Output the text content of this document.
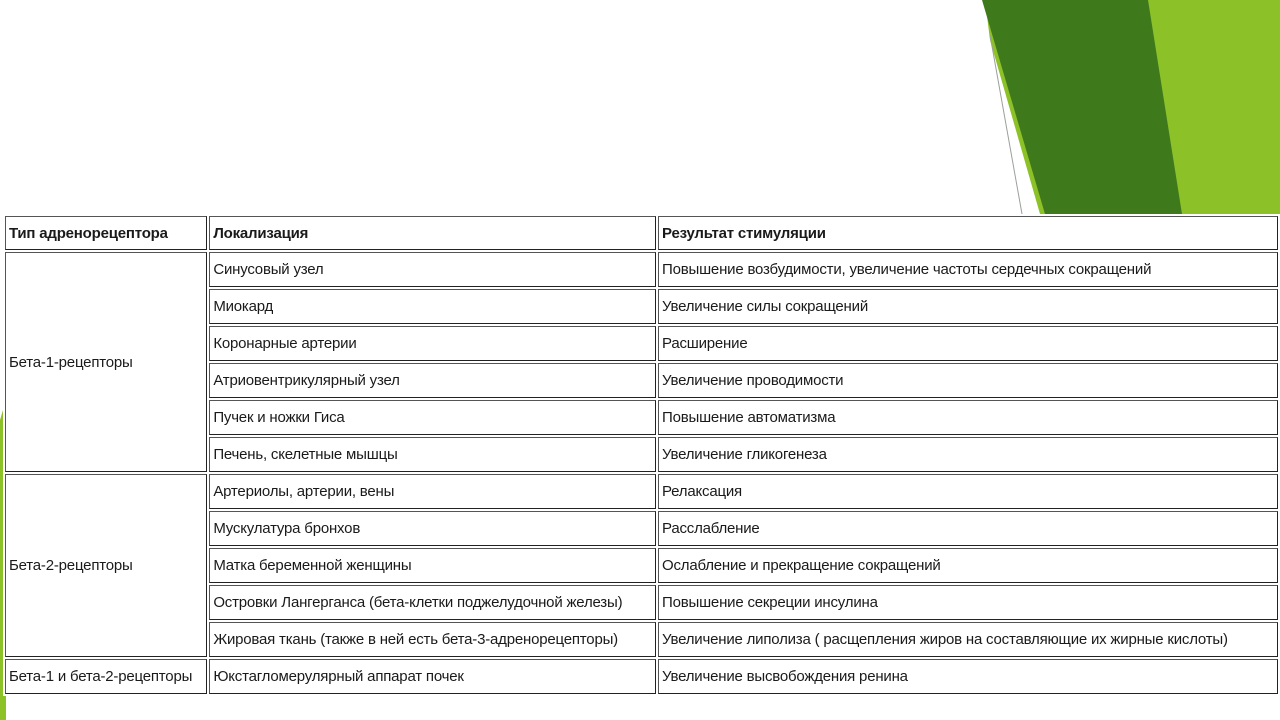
Тип адренорецептора	Локализация	Результат стимуляции
Бета-1-рецепторы	Синусовый узел	Повышение возбудимости, увеличение частоты сердечных сокращений
	Миокард	Увеличение силы сокращений
	Коронарные артерии	Расширение
	Атриовентрикулярный узел	Увеличение проводимости
	Пучек и ножки Гиса	Повышение автоматизма
	Печень, скелетные мышцы	Увеличение гликогенеза
Бета-2-рецепторы	Артериолы, артерии, вены	Релаксация
	Мускулатура бронхов	Расслабление
	Матка беременной женщины	Ослабление и прекращение сокращений
	Островки Лангерганса (бета-клетки поджелудочной железы)	Повышение секреции инсулина
	Жировая ткань (также в ней есть бета-3-адренорецепторы)	Увеличение липолиза ( расщепления жиров на составляющие их жирные кислоты)
Бета-1 и бета-2-рецепторы	Юкстагломерулярный аппарат почек	Увеличение высвобождения ренина
